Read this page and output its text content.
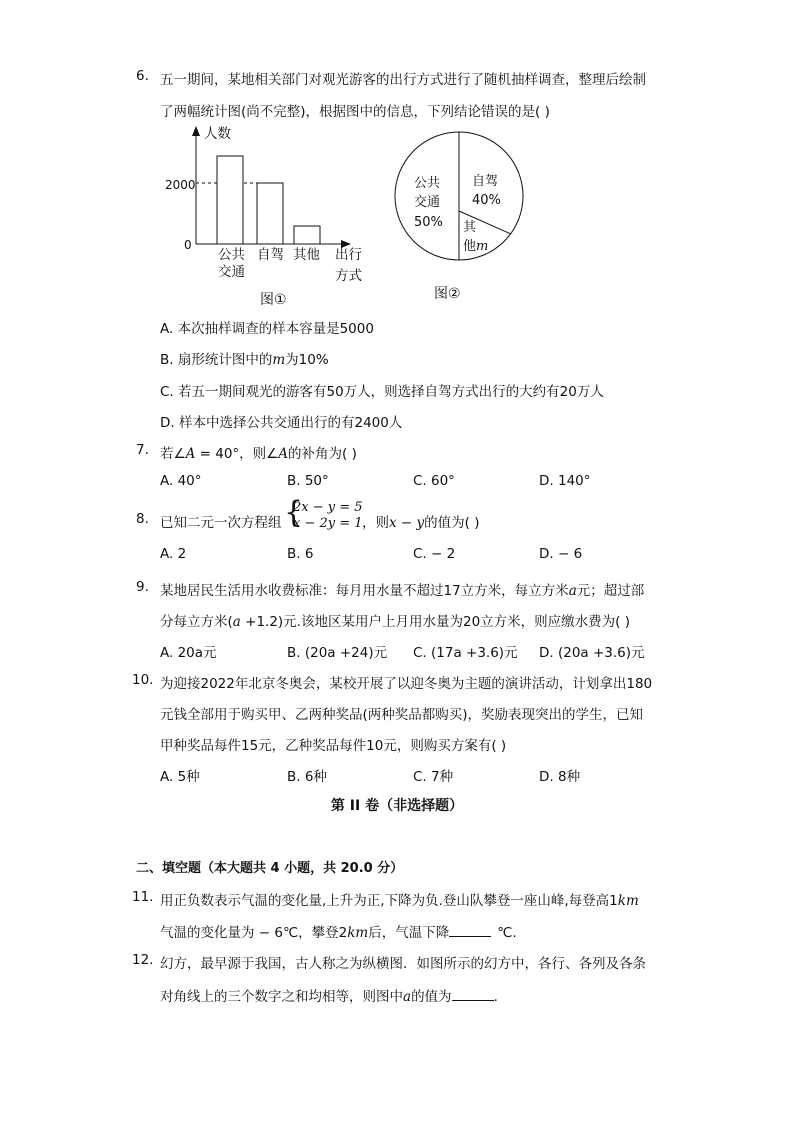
6. 五一期间，某地相关部门对观光游客的出行方式进行了随机抽样调查，整理后绘制
了两幅统计图(尚不完整)，根据图中的信息，下列结论错误的是( )
人数
2000
0
公共
交通
自驾 其他 出行
方式
图①
公共
交通
50%
自驾
40%
其
他m
图②
A. 本次抽样调查的样本容量是5000
B. 扇形统计图中的m为10%
C. 若五一期间观光的游客有50万人，则选择自驾方式出行的大约有20万人
D. 样本中选择公共交通出行的有2400人
7. 若∠A = 40°，则∠A的补角为( )
A. 40°	B. 50°	C. 60°	D. 140°
8. 已知二元一次方程组 {
2x − y = 5
x − 2y = 1 ，则x − y的值为( )
A. 2	B. 6	C. − 2	D. − 6
9. 某地居民生活用水收费标准：每月用水量不超过17立方米，每立方米a元；超过部
分每立方米(a +1.2)元.该地区某用户上月用水量为20立方米，则应缴水费为( )
A. 20a元	B. (20a +24)元 C. (17a +3.6)元 D. (20a +3.6)元
10. 为迎接2022年北京冬奥会，某校开展了以迎冬奥为主题的演讲活动，计划拿出180
元钱全部用于购买甲、乙两种奖品(两种奖品都购买)，奖励表现突出的学生，已知
甲种奖品每件15元，乙种奖品每件10元，则购买方案有( )
A. 5种	B. 6种	C. 7种	D. 8种
第 II 卷（非选择题）
二、填空题（本大题共 4 小题，共 20.0 分）
11. 用正负数表示气温的变化量,上升为正,下降为负.登山队攀登一座山峰,每登高1km
气温的变化量为 − 6℃，攀登2km后，气温下降	℃.
12. 幻方，最早源于我国，古人称之为纵横图．如图所示的幻方中，各行、各列及各条
对角线上的三个数字之和均相等，则图中a的值为	．
